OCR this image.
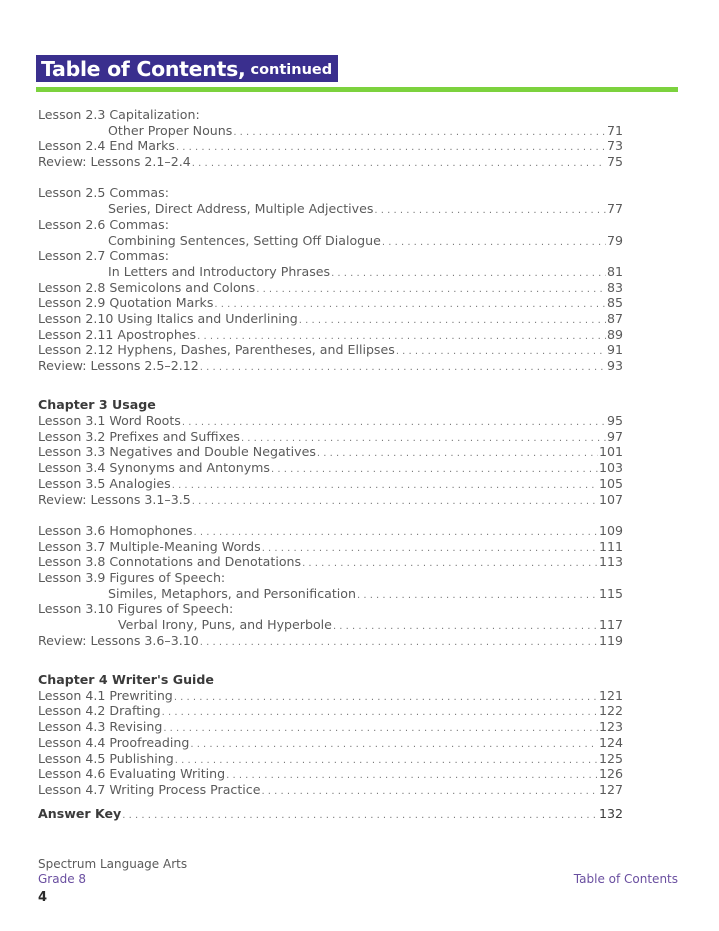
Table of Contents, continued
Lesson 2.3 Capitalization:
Other Proper Nouns . . .	71
Lesson 2.4 End Marks . . .	73
Review: Lessons 2.1–2.4 . . .	75
Lesson 2.5 Commas:
Series, Direct Address, Multiple Adjectives . . .	77
Lesson 2.6 Commas:
Combining Sentences, Setting Off Dialogue . . .	79
Lesson 2.7 Commas:
In Letters and Introductory Phrases . . .	81
Lesson 2.8 Semicolons and Colons . . .	83
Lesson 2.9 Quotation Marks . . .	85
Lesson 2.10 Using Italics and Underlining . . .	87
Lesson 2.11 Apostrophes . . .	89
Lesson 2.12 Hyphens, Dashes, Parentheses, and Ellipses . . .	91
Review: Lessons 2.5–2.12 . . .	93
Chapter 3 Usage
Lesson 3.1 Word Roots . . .	95
Lesson 3.2 Prefixes and Suffixes . . .	97
Lesson 3.3 Negatives and Double Negatives . . .	101
Lesson 3.4 Synonyms and Antonyms . . .	103
Lesson 3.5 Analogies . . .	105
Review: Lessons 3.1–3.5 . . .	107
Lesson 3.6 Homophones . . .	109
Lesson 3.7 Multiple-Meaning Words . . .	111
Lesson 3.8 Connotations and Denotations . . .	113
Lesson 3.9 Figures of Speech:
Similes, Metaphors, and Personification . . .	115
Lesson 3.10 Figures of Speech:
Verbal Irony, Puns, and Hyperbole . . .	117
Review: Lessons 3.6–3.10 . . .	119
Chapter 4 Writer's Guide
Lesson 4.1 Prewriting . . .	121
Lesson 4.2 Drafting . . .	122
Lesson 4.3 Revising . . .	123
Lesson 4.4 Proofreading . . .	124
Lesson 4.5 Publishing . . .	125
Lesson 4.6 Evaluating Writing . . .	126
Lesson 4.7 Writing Process Practice . . .	127
Answer Key . . .	132
Spectrum Language Arts
Grade 8
4
Table of Contents
